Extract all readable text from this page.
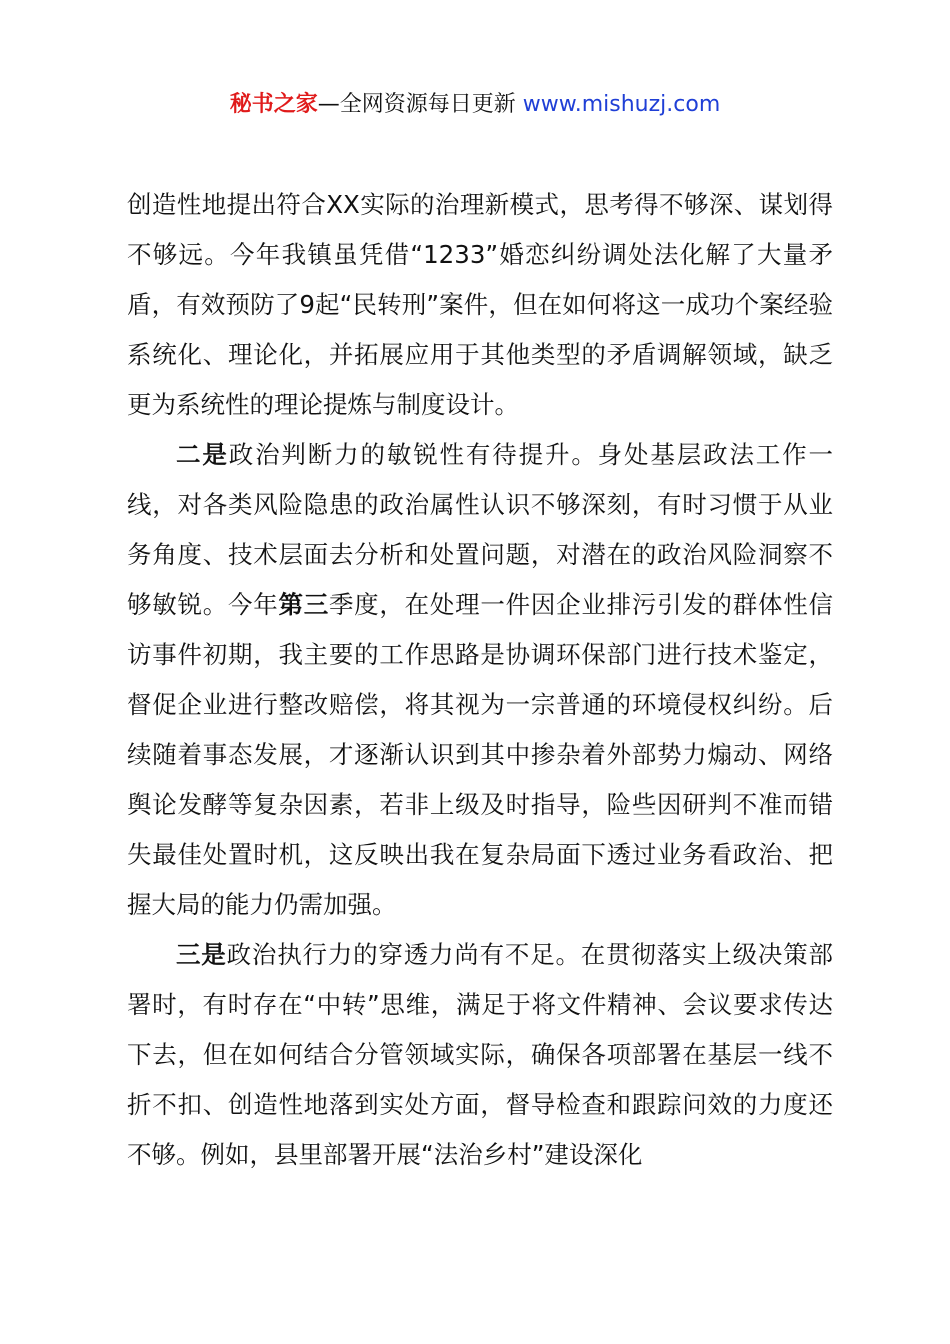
秘书之家—全网资源每日更新 www.mishuzj.com

创造性地提出符合XX实际的治理新模式，思考得不够深、谋划得不够远。今年我镇虽凭借“1233”婚恋纠纷调处法化解了大量矛盾，有效预防了9起“民转刑”案件，但在如何将这一成功个案经验系统化、理论化，并拓展应用于其他类型的矛盾调解领域，缺乏更为系统性的理论提炼与制度设计。

二是政治判断力的敏锐性有待提升。身处基层政法工作一线，对各类风险隐患的政治属性认识不够深刻，有时习惯于从业务角度、技术层面去分析和处置问题，对潜在的政治风险洞察不够敏锐。今年第三季度，在处理一件因企业排污引发的群体性信访事件初期，我主要的工作思路是协调环保部门进行技术鉴定，督促企业进行整改赔偿，将其视为一宗普通的环境侵权纠纷。后续随着事态发展，才逐渐认识到其中掺杂着外部势力煽动、网络舆论发酵等复杂因素，若非上级及时指导，险些因研判不准而错失最佳处置时机，这反映出我在复杂局面下透过业务看政治、把握大局的能力仍需加强。

三是政治执行力的穿透力尚有不足。在贯彻落实上级决策部署时，有时存在“中转”思维，满足于将文件精神、会议要求传达下去，但在如何结合分管领域实际，确保各项部署在基层一线不折不扣、创造性地落到实处方面，督导检查和跟踪问效的力度还不够。例如，县里部署开展“法治乡村”建设深化
